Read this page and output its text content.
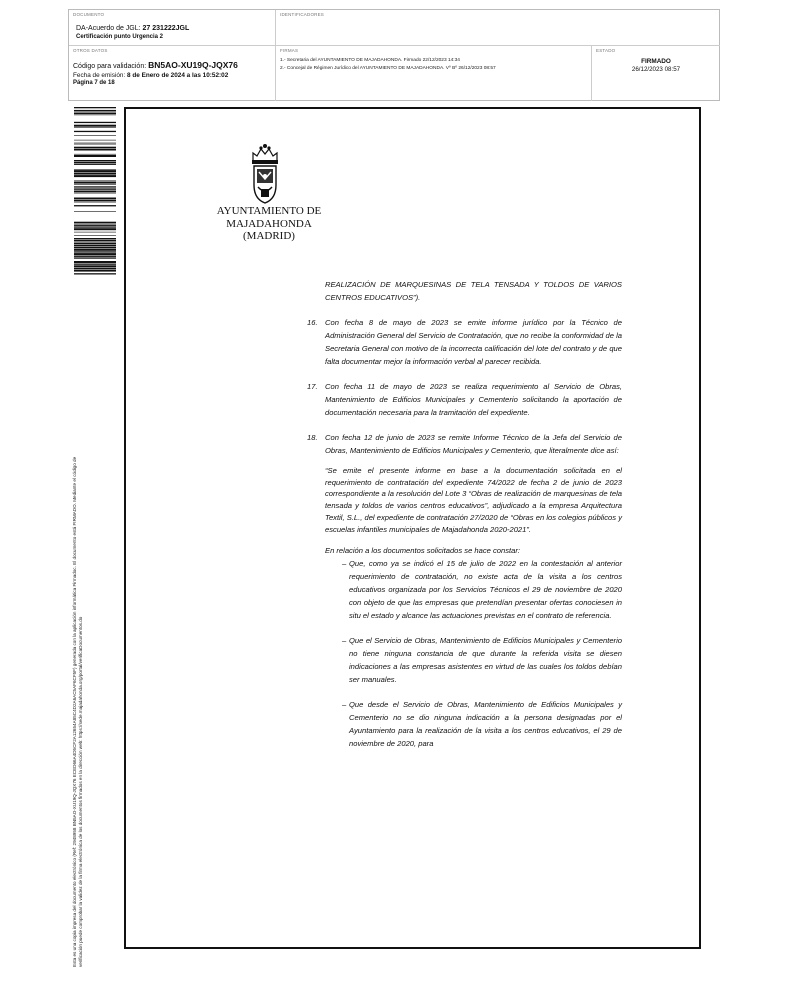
DOCUMENTO
DA-Acuerdo de JGL: 27 231222JGL
Certificación punto Urgencia 2
IDENTIFICADORES
OTROS DATOS
Código para validación: BN5AO-XU19Q-JQX76
Fecha de emisión: 8 de Enero de 2024 a las 10:52:02
Página 7 de 18
FIRMAS
1.- Secretaria del AYUNTAMIENTO DE MAJADAHONDA. Firmado 22/12/2023 14:34
2.- Concejal de Régimen Jurídico del AYUNTAMIENTO DE MAJADAHONDA. Vº Bº 26/12/2023 08:57
ESTADO
FIRMADO
26/12/2023 08:57
Esta es una copia impresa del documento electrónico (Ref: 2948958 BN5AO-XU19Q-JQX76 ECED66A4D5CF2A12654A85C4D2A6AC5AF6CF5F) generada con la aplicación informática Firmadoc. El documento está FIRMADO. Mediante el código de verificación puede comprobar la validez de la firma electrónica de los documentos firmados en la dirección web: https://sede.majadahonda.org/portal/verificaDocumentos.do
AYUNTAMIENTO DE
MAJADAHONDA
(MADRID)
REALIZACIÓN DE MARQUESINAS DE TELA TENSADA Y TOLDOS DE VARIOS CENTROS EDUCATIVOS”).
16. Con fecha 8 de mayo de 2023 se emite informe jurídico por la Técnico de Administración General del Servicio de Contratación, que no recibe la conformidad de la Secretaria General con motivo de la incorrecta calificación del lote del contrato y de que falta documentar mejor la información verbal al parecer recibida.
17. Con fecha 11 de mayo de 2023 se realiza requerimiento al Servicio de Obras, Mantenimiento de Edificios Municipales y Cementerio solicitando la aportación de documentación necesaria para la tramitación del expediente.
18. Con fecha 12 de junio de 2023 se remite Informe Técnico de la Jefa del Servicio de Obras, Mantenimiento de Edificios Municipales y Cementerio, que literalmente dice así:
“Se emite el presente informe en base a la documentación solicitada en el requerimiento de contratación del expediente 74/2022 de fecha 2 de junio de 2023 correspondiente a la resolución del Lote 3 “Obras de realización de marquesinas de tela tensada y toldos de varios centros educativos”, adjudicado a la empresa Arquitectura Textil, S.L., del expediente de contratación 27/2020 de “Obras en los colegios públicos y escuelas infantiles municipales de Majadahonda 2020-2021”.
En relación a los documentos solicitados se hace constar:
– Que, como ya se indicó el 15 de julio de 2022 en la contestación al anterior requerimiento de contratación, no existe acta de la visita a los centros educativos organizada por los Servicios Técnicos el 29 de noviembre de 2020 con objeto de que las empresas que pretendían presentar ofertas conociesen in situ el estado y alcance las actuaciones previstas en el contrato de referencia.
– Que el Servicio de Obras, Mantenimiento de Edificios Municipales y Cementerio no tiene ninguna constancia de que durante la referida visita se diesen indicaciones a las empresas asistentes en virtud de las cuales los toldos debían ser manuales.
– Que desde el Servicio de Obras, Mantenimiento de Edificios Municipales y Cementerio no se dio ninguna indicación a la persona designadas por el Ayuntamiento para la realización de la visita a los centros educativos, el 29 de noviembre de 2020, para
